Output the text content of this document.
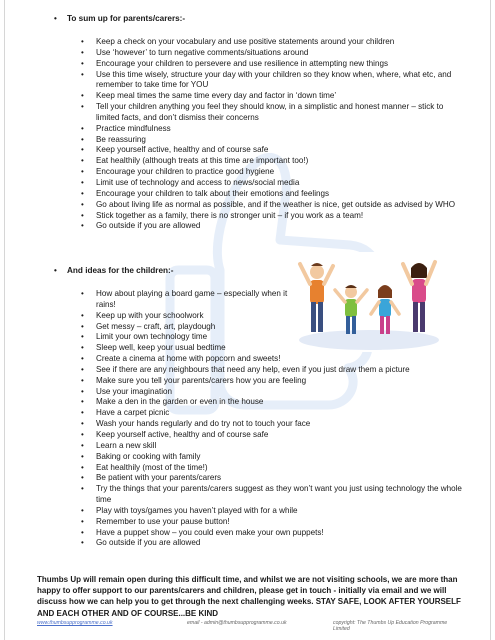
• To sum up for parents/carers:-
• Keep a check on your vocabulary and use positive statements around your children
• Use ‘however’ to turn negative comments/situations around
• Encourage your children to persevere and use resilience in attempting new things
• Use this time wisely, structure your day with your children so they know when, where, what etc, and remember to take time for YOU
• Keep meal times the same time every day and factor in ‘down time’
• Tell your children anything you feel they should know, in a simplistic and honest manner – stick to limited facts, and don’t dismiss their concerns
• Practice mindfulness
• Be reassuring
• Keep yourself active, healthy and of course safe
• Eat healthily (although treats at this time are important too!)
• Encourage your children to practice good hygiene
• Limit use of technology and access to news/social media
• Encourage your children to talk about their emotions and feelings
• Go about living life as normal as possible, and if the weather is nice, get outside as advised by WHO
• Stick together as a family, there is no stronger unit – if you work as a team!
• Go outside if you are allowed
• And ideas for the children:-
• How about playing a board game – especially when it rains!
• Keep up with your schoolwork
• Get messy – craft, art, playdough
• Limit your own technology time
• Sleep well, keep your usual bedtime
• Create a cinema at home with popcorn and sweets!
• See if there are any neighbours that need any help, even if you just draw them a picture
• Make sure you tell your parents/carers how you are feeling
• Use your imagination
• Make a den in the garden or even in the house
• Have a carpet picnic
• Wash your hands regularly and do try not to touch your face
• Keep yourself active, healthy and of course safe
• Learn a new skill
• Baking or cooking with family
• Eat healthily (most of the time!)
• Be patient with your parents/carers
• Try the things that your parents/carers suggest as they won’t want you just using technology the whole time
• Play with toys/games you haven’t played with for a while
• Remember to use your pause button!
• Have a puppet show – you could even make your own puppets!
• Go outside if you are allowed
Thumbs Up will remain open during this difficult time, and whilst we are not visiting schools, we are more than happy to offer support to our parents/carers and children, please get in touch - initially via email and we will discuss how we can help you to get through the next challenging weeks. STAY SAFE, LOOK AFTER YOURSELF AND EACH OTHER AND OF COURSE...BE KIND
www.thumbsupprogramme.co.uk	email - admin@thumbsupprogramme.co.uk	copyright: The Thumbs Up Education Programme Limited
